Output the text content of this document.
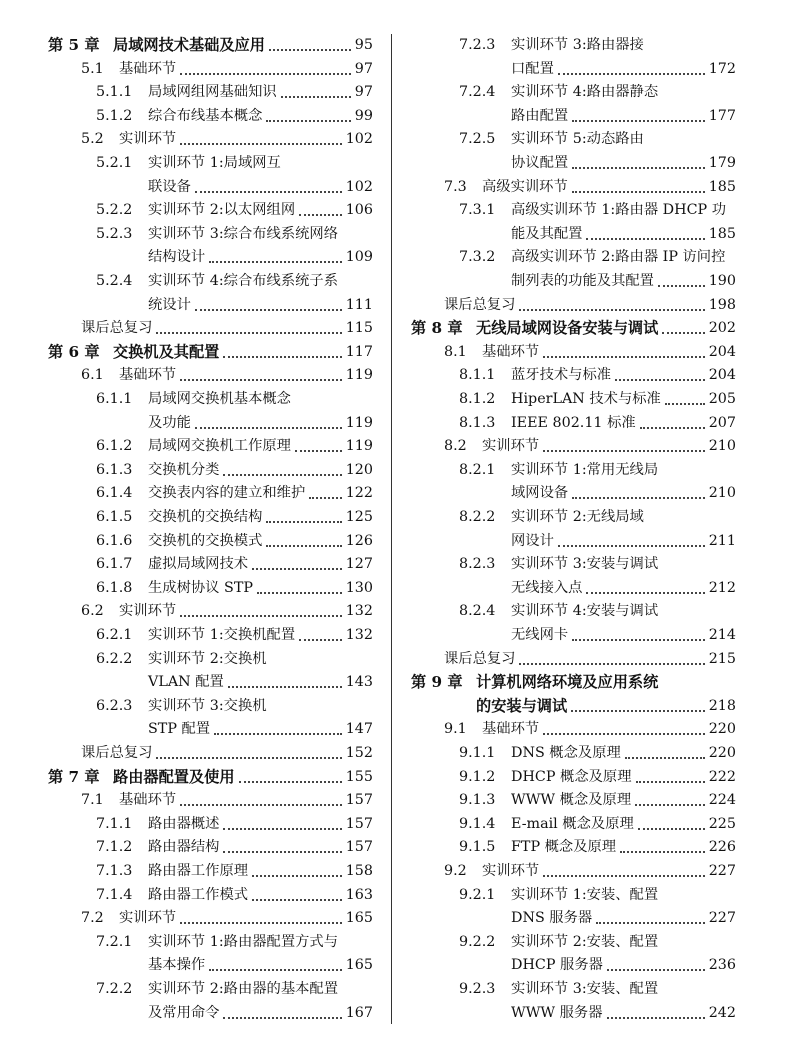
第 5 章 局域网技术基础及应用	95
5.1 基础环节	97
5.1.1 局域网组网基础知识	97
5.1.2 综合布线基本概念	99
5.2 实训环节	102
5.2.1 实训环节 1:局域网互
联设备	102
5.2.2 实训环节 2:以太网组网	106
5.2.3 实训环节 3:综合布线系统网络
结构设计	109
5.2.4 实训环节 4:综合布线系统子系
统设计	111
课后总复习	115
第 6 章 交换机及其配置	117
6.1 基础环节	119
6.1.1 局域网交换机基本概念
及功能	119
6.1.2 局域网交换机工作原理	119
6.1.3 交换机分类	120
6.1.4 交换表内容的建立和维护	122
6.1.5 交换机的交换结构	125
6.1.6 交换机的交换模式	126
6.1.7 虚拟局域网技术	127
6.1.8 生成树协议 STP	130
6.2 实训环节	132
6.2.1 实训环节 1:交换机配置	132
6.2.2 实训环节 2:交换机
VLAN 配置	143
6.2.3 实训环节 3:交换机
STP 配置	147
课后总复习	152
第 7 章 路由器配置及使用	155
7.1 基础环节	157
7.1.1 路由器概述	157
7.1.2 路由器结构	157
7.1.3 路由器工作原理	158
7.1.4 路由器工作模式	163
7.2 实训环节	165
7.2.1 实训环节 1:路由器配置方式与
基本操作	165
7.2.2 实训环节 2:路由器的基本配置
及常用命令	167
7.2.3 实训环节 3:路由器接
口配置	172
7.2.4 实训环节 4:路由器静态
路由配置	177
7.2.5 实训环节 5:动态路由
协议配置	179
7.3 高级实训环节	185
7.3.1 高级实训环节 1:路由器 DHCP 功
能及其配置	185
7.3.2 高级实训环节 2:路由器 IP 访问控
制列表的功能及其配置	190
课后总复习	198
第 8 章 无线局域网设备安装与调试	202
8.1 基础环节	204
8.1.1 蓝牙技术与标准	204
8.1.2 HiperLAN 技术与标准	205
8.1.3 IEEE 802.11 标准	207
8.2 实训环节	210
8.2.1 实训环节 1:常用无线局
域网设备	210
8.2.2 实训环节 2:无线局域
网设计	211
8.2.3 实训环节 3:安装与调试
无线接入点	212
8.2.4 实训环节 4:安装与调试
无线网卡	214
课后总复习	215
第 9 章 计算机网络环境及应用系统
的安装与调试	218
9.1 基础环节	220
9.1.1 DNS 概念及原理	220
9.1.2 DHCP 概念及原理	222
9.1.3 WWW 概念及原理	224
9.1.4 E-mail 概念及原理	225
9.1.5 FTP 概念及原理	226
9.2 实训环节	227
9.2.1 实训环节 1:安装、配置
DNS 服务器	227
9.2.2 实训环节 2:安装、配置
DHCP 服务器	236
9.2.3 实训环节 3:安装、配置
WWW 服务器	242
